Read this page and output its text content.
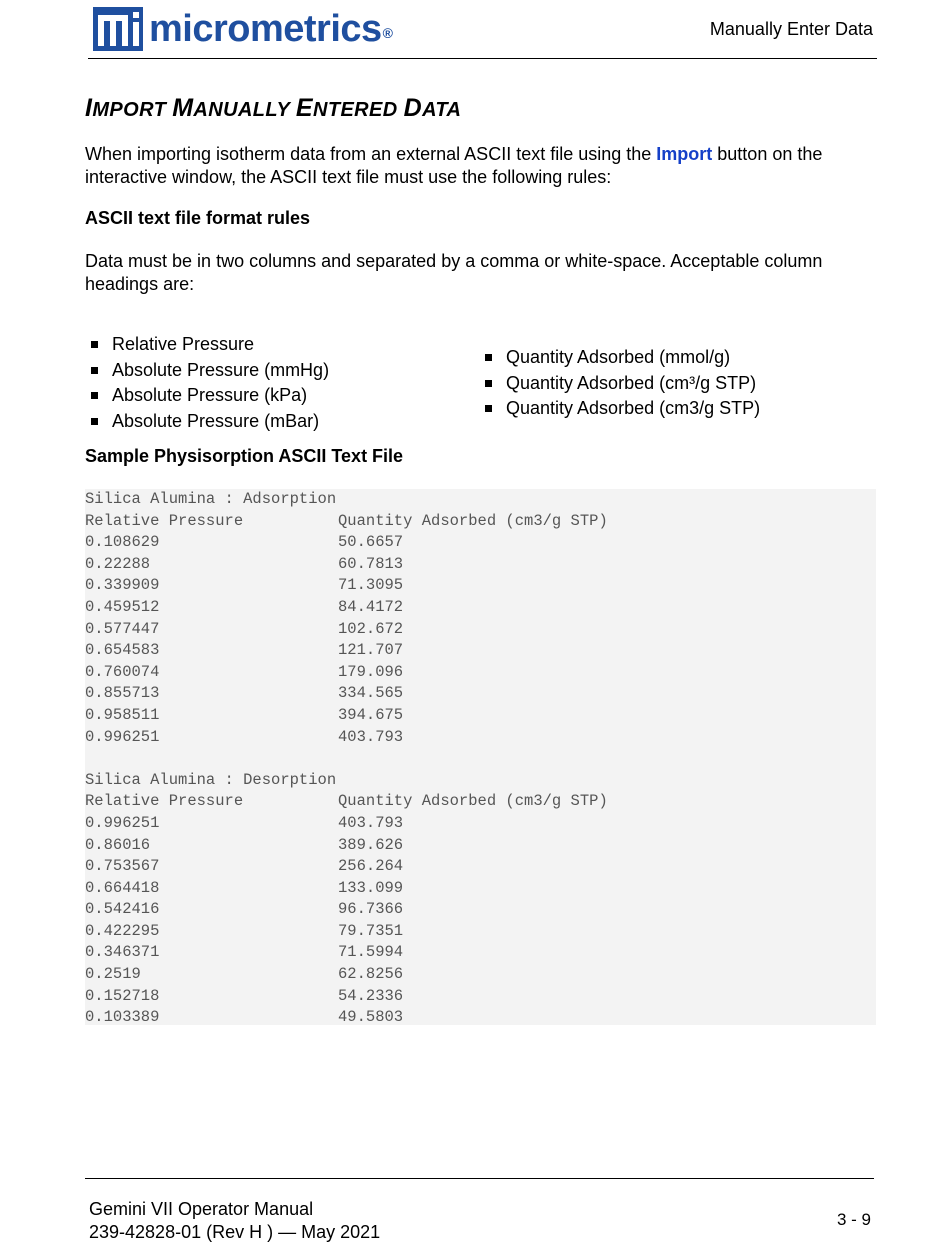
micrometrics®	Manually Enter Data
IMPORT MANUALLY ENTERED DATA

When importing isotherm data from an external ASCII text file using the Import button on the interactive window, the ASCII text file must use the following rules:

ASCII text file format rules

Data must be in two columns and separated by a comma or white-space. Acceptable column headings are:

Relative Pressure
Absolute Pressure (mmHg)
Absolute Pressure (kPa)
Absolute Pressure (mBar)
Quantity Adsorbed (mmol/g)
Quantity Adsorbed (cm³/g STP)
Quantity Adsorbed (cm3/g STP)
Sample Physisorption ASCII Text File
Silica Alumina : Adsorption
Relative Pressure	Quantity Adsorbed (cm3/g STP)
0.108629	50.6657
0.22288	60.7813
0.339909	71.3095
0.459512	84.4172
0.577447	102.672
0.654583	121.707
0.760074	179.096
0.855713	334.565
0.958511	394.675
0.996251	403.793
Silica Alumina : Desorption
Relative Pressure	Quantity Adsorbed (cm3/g STP)
0.996251	403.793
0.86016	389.626
0.753567	256.264
0.664418	133.099
0.542416	96.7366
0.422295	79.7351
0.346371	71.5994
0.2519	62.8256
0.152718	54.2336
0.103389	49.5803
Gemini VII Operator Manual
239-42828-01 (Rev H ) — May 2021
3 - 9
